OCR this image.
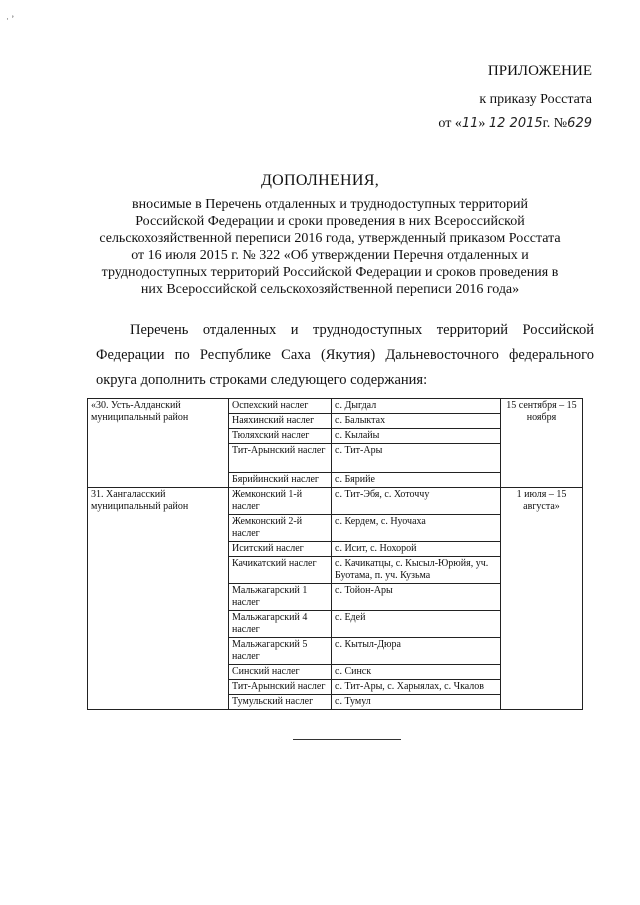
· ʼ
ПРИЛОЖЕНИЕ
к приказу Росстата
от «11» 12 2015г. №629
ДОПОЛНЕНИЯ,
вносимые в Перечень отдаленных и труднодоступных территорий
Российской Федерации и сроки проведения в них Всероссийской
сельскохозяйственной переписи 2016 года, утвержденный приказом Росстата
от 16 июля 2015 г. № 322 «Об утверждении Перечня отдаленных и
труднодоступных территорий Российской Федерации и сроков проведения в
них Всероссийской сельскохозяйственной переписи 2016 года»
Перечень отдаленных и труднодоступных территорий Российской Федерации по Республике Саха (Якутия) Дальневосточного федерального округа дополнить строками следующего содержания:
«30. Усть-Алданский муниципальный район	Оспехский наслег	с. Дыгдал	15 сентября – 15 ноября
	Наяхинский наслег	с. Балыктах	
	Тюляхский наслег	с. Кылайы	
	Тит-Арынский наслег	с. Тит-Ары	
	Бярийинский наслег	с. Бярийе	
31. Хангаласский муниципальный район	Жемконский 1-й наслег	с. Тит-Эбя, с. Хоточчу	1 июля – 15 августа»
	Жемконский 2-й наслег	с. Кердем, с. Нуочаха	
	Иситский наслег	с. Исит, с. Нохорой	
	Качикатский наслег	с. Качикатцы, с. Кысыл-Юрюйя, уч. Буотама, п. уч. Кузьма	
	Мальжагарский 1 наслег	с. Тойон-Ары	
	Мальжагарский 4 наслег	с. Едей	
	Мальжагарский 5 наслег	с. Кытыл-Дюра	
	Синский наслег	с. Синск	
	Тит-Арынский наслег	с. Тит-Ары, с. Харыялах, с. Чкалов	
	Тумульский наслег	с. Тумул	
